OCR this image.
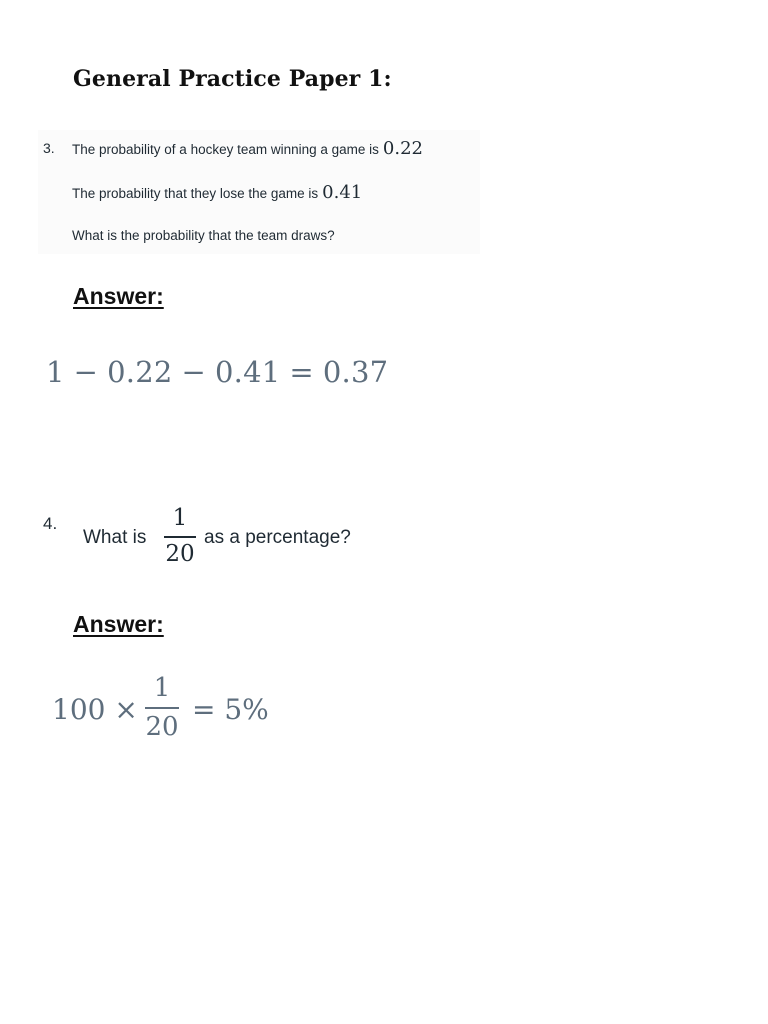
General Practice Paper 1:
3. The probability of a hockey team winning a game is 0.22
The probability that they lose the game is 0.41
What is the probability that the team draws?
Answer:
1 − 0.22 − 0.41 = 0.37
4.
What is
1
20
as a percentage?
Answer:
100 ×
1
20
= 5%
